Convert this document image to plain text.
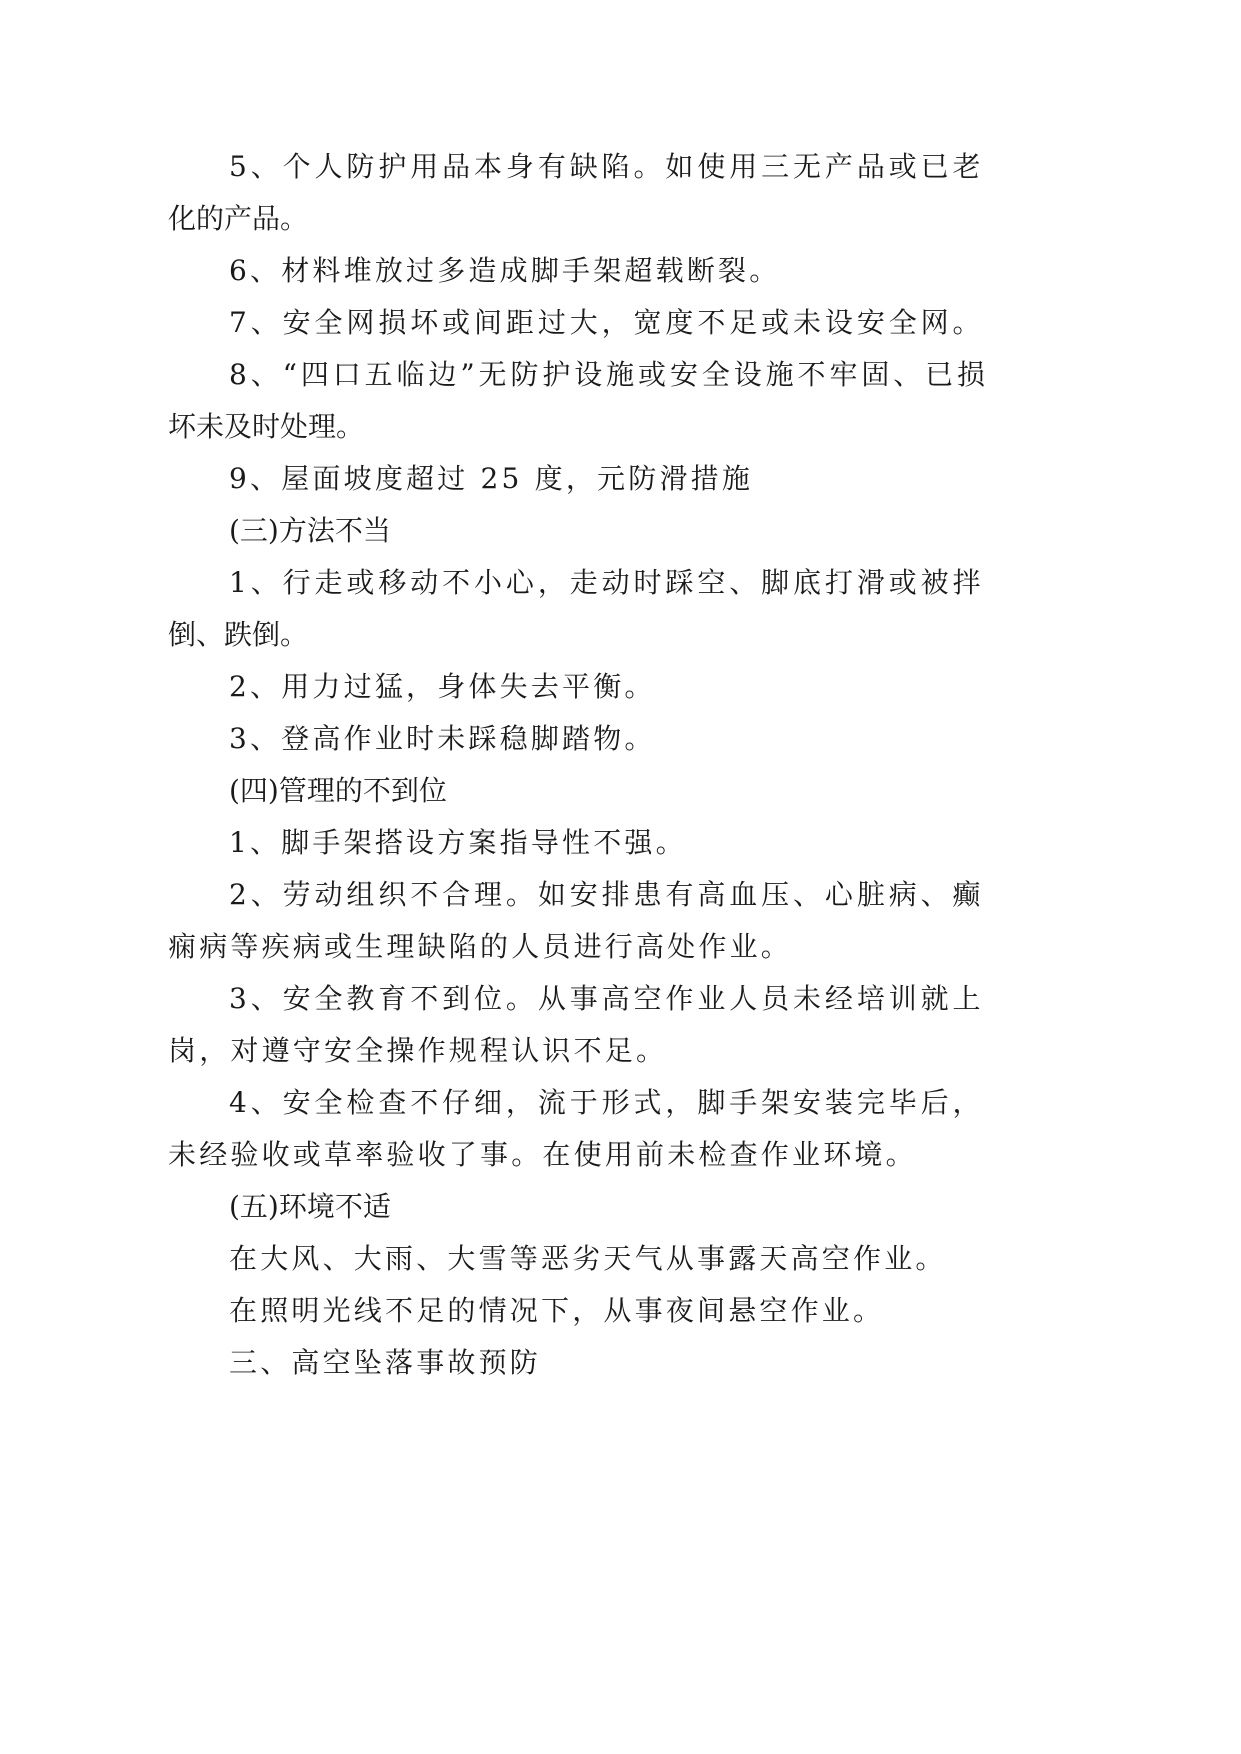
5、个人防护用品本身有缺陷。如使用三无产品或已老

化的产品。

6、材料堆放过多造成脚手架超载断裂。

7、安全网损坏或间距过大，宽度不足或未设安全网。

8、“四口五临边”无防护设施或安全设施不牢固、已损

坏未及时处理。

9、屋面坡度超过 25 度，元防滑措施

(三)方法不当

1、行走或移动不小心，走动时踩空、脚底打滑或被拌

倒、跌倒。

2、用力过猛，身体失去平衡。

3、登高作业时未踩稳脚踏物。

(四)管理的不到位

1、脚手架搭设方案指导性不强。

2、劳动组织不合理。如安排患有高血压、心脏病、癫

痫病等疾病或生理缺陷的人员进行高处作业。

3、安全教育不到位。从事高空作业人员未经培训就上

岗，对遵守安全操作规程认识不足。

4、安全检查不仔细，流于形式，脚手架安装完毕后，

未经验收或草率验收了事。在使用前未检查作业环境。

(五)环境不适

在大风、大雨、大雪等恶劣天气从事露天高空作业。

在照明光线不足的情况下，从事夜间悬空作业。

三、高空坠落事故预防
